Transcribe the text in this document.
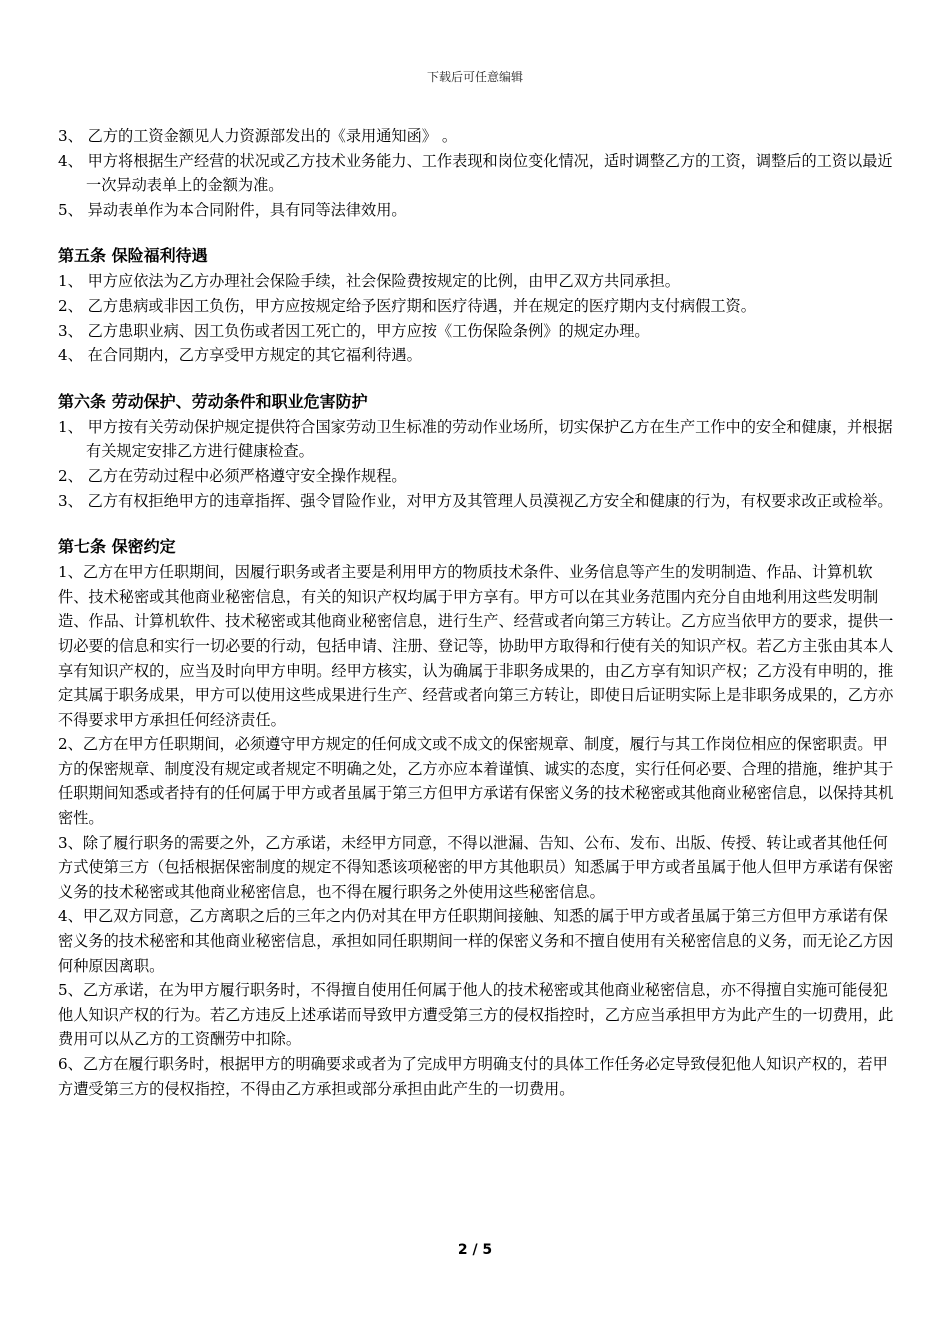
下载后可任意编辑

3、 乙方的工资金额见人力资源部发出的《录用通知函》 。

4、 甲方将根据生产经营的状况或乙方技术业务能力、工作表现和岗位变化情况，适时调整乙方的工资，调整后的工资以最近一次异动表单上的金额为准。

5、 异动表单作为本合同附件，具有同等法律效用。

第五条 保险福利待遇

1、 甲方应依法为乙方办理社会保险手续，社会保险费按规定的比例，由甲乙双方共同承担。

2、 乙方患病或非因工负伤，甲方应按规定给予医疗期和医疗待遇，并在规定的医疗期内支付病假工资。

3、 乙方患职业病、因工负伤或者因工死亡的，甲方应按《工伤保险条例》的规定办理。

4、 在合同期内，乙方享受甲方规定的其它福利待遇。

第六条 劳动保护、劳动条件和职业危害防护

1、 甲方按有关劳动保护规定提供符合国家劳动卫生标准的劳动作业场所，切实保护乙方在生产工作中的安全和健康，并根据有关规定安排乙方进行健康检查。

2、 乙方在劳动过程中必须严格遵守安全操作规程。

3、 乙方有权拒绝甲方的违章指挥、强令冒险作业，对甲方及其管理人员漠视乙方安全和健康的行为，有权要求改正或检举。

第七条 保密约定

1、乙方在甲方任职期间，因履行职务或者主要是利用甲方的物质技术条件、业务信息等产生的发明制造、作品、计算机软件、技术秘密或其他商业秘密信息，有关的知识产权均属于甲方享有。甲方可以在其业务范围内充分自由地利用这些发明制造、作品、计算机软件、技术秘密或其他商业秘密信息，进行生产、经营或者向第三方转让。乙方应当依甲方的要求，提供一切必要的信息和实行一切必要的行动，包括申请、注册、登记等，协助甲方取得和行使有关的知识产权。若乙方主张由其本人享有知识产权的，应当及时向甲方申明。经甲方核实，认为确属于非职务成果的，由乙方享有知识产权；乙方没有申明的，推定其属于职务成果，甲方可以使用这些成果进行生产、经营或者向第三方转让，即使日后证明实际上是非职务成果的，乙方亦不得要求甲方承担任何经济责任。

2、乙方在甲方任职期间，必须遵守甲方规定的任何成文或不成文的保密规章、制度，履行与其工作岗位相应的保密职责。甲方的保密规章、制度没有规定或者规定不明确之处，乙方亦应本着谨慎、诚实的态度，实行任何必要、合理的措施，维护其于任职期间知悉或者持有的任何属于甲方或者虽属于第三方但甲方承诺有保密义务的技术秘密或其他商业秘密信息，以保持其机密性。

3、除了履行职务的需要之外，乙方承诺，未经甲方同意，不得以泄漏、告知、公布、发布、出版、传授、转让或者其他任何方式使第三方（包括根据保密制度的规定不得知悉该项秘密的甲方其他职员）知悉属于甲方或者虽属于他人但甲方承诺有保密义务的技术秘密或其他商业秘密信息，也不得在履行职务之外使用这些秘密信息。

4、甲乙双方同意，乙方离职之后的三年之内仍对其在甲方任职期间接触、知悉的属于甲方或者虽属于第三方但甲方承诺有保密义务的技术秘密和其他商业秘密信息，承担如同任职期间一样的保密义务和不擅自使用有关秘密信息的义务，而无论乙方因何种原因离职。

5、乙方承诺，在为甲方履行职务时，不得擅自使用任何属于他人的技术秘密或其他商业秘密信息，亦不得擅自实施可能侵犯他人知识产权的行为。若乙方违反上述承诺而导致甲方遭受第三方的侵权指控时，乙方应当承担甲方为此产生的一切费用，此费用可以从乙方的工资酬劳中扣除。

6、乙方在履行职务时，根据甲方的明确要求或者为了完成甲方明确支付的具体工作任务必定导致侵犯他人知识产权的，若甲方遭受第三方的侵权指控，不得由乙方承担或部分承担由此产生的一切费用。

2 / 5
